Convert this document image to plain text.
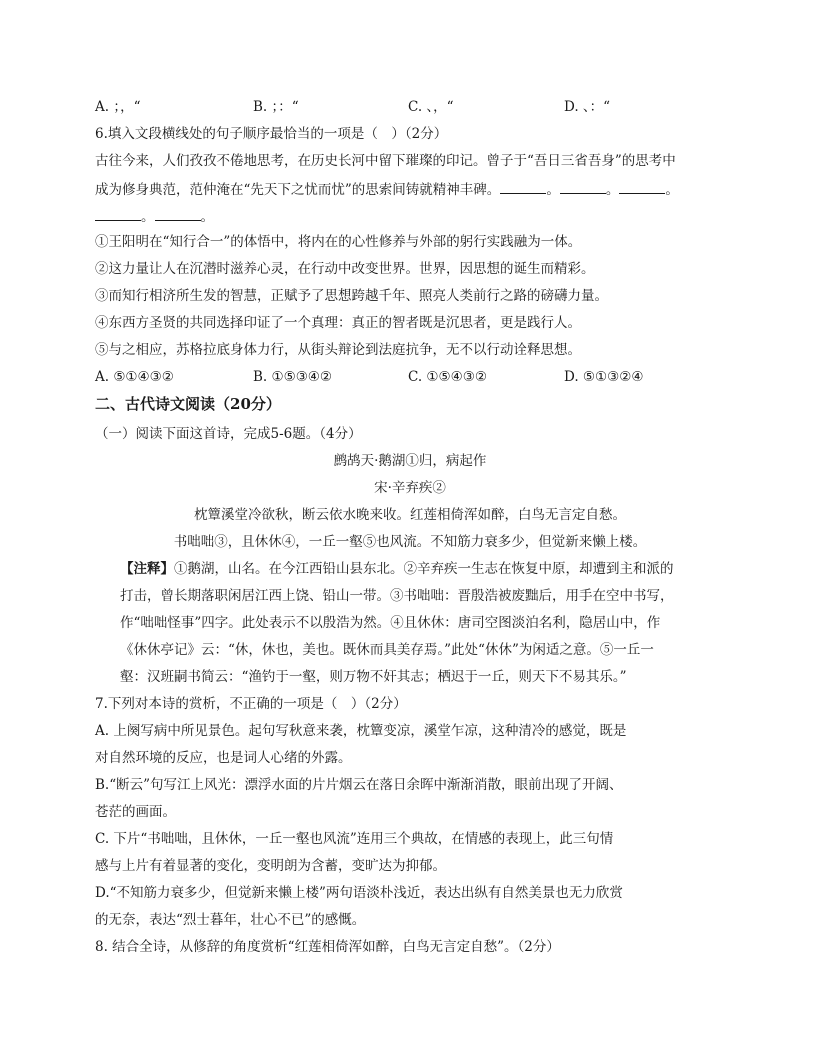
A. ；，“	B. ；：“	C. 、，“	D. 、：“
6.填入文段横线处的句子顺序最恰当的一项是（　）（2分）
古往今来，人们孜孜不倦地思考，在历史长河中留下璀璨的印记。曾子于“吾日三省吾身”的思考中
成为修身典范，范仲淹在“先天下之忧而忧”的思索间铸就精神丰碑。	。	。	。
。	。
①王阳明在“知行合一”的体悟中，将内在的心性修养与外部的躬行实践融为一体。
②这力量让人在沉潜时滋养心灵，在行动中改变世界。世界，因思想的诞生而精彩。
③而知行相济所生发的智慧，正赋予了思想跨越千年、照亮人类前行之路的磅礴力量。
④东西方圣贤的共同选择印证了一个真理：真正的智者既是沉思者，更是践行人。
⑤与之相应，苏格拉底身体力行，从街头辩论到法庭抗争，无不以行动诠释思想。
A. ⑤①④③②	B. ①⑤③④②	C. ①⑤④③②	D. ⑤①③②④
二、古代诗文阅读（20分）
（一）阅读下面这首诗，完成5-6题。（4分）
鹧鸪天·鹅湖①归，病起作
宋·辛弃疾②
枕簟溪堂冷欲秋，断云依水晚来收。红莲相倚浑如醉，白鸟无言定自愁。
书咄咄③，且休休④，一丘一壑⑤也风流。不知筋力衰多少，但觉新来懒上楼。
【注释】①鹅湖，山名。在今江西铅山县东北。②辛弃疾一生志在恢复中原，却遭到主和派的
打击，曾长期落职闲居江西上饶、铅山一带。③书咄咄：晋殷浩被废黜后，用手在空中书写，
作“咄咄怪事”四字。此处表示不以殷浩为然。④且休休：唐司空图淡泊名利，隐居山中，作
《休休亭记》云：“休，休也，美也。既休而具美存焉。”此处“休休”为闲适之意。⑤一丘一
壑：汉班嗣书简云：“渔钓于一壑，则万物不奸其志；栖迟于一丘，则天下不易其乐。”
7.下列对本诗的赏析，不正确的一项是（　）（2分）
A. 上阕写病中所见景色。起句写秋意来袭，枕簟变凉，溪堂乍凉，这种清冷的感觉，既是
对自然环境的反应，也是词人心绪的外露。
B.“断云”句写江上风光：漂浮水面的片片烟云在落日余晖中渐渐消散，眼前出现了开阔、
苍茫的画面。
C. 下片“书咄咄，且休休，一丘一壑也风流”连用三个典故，在情感的表现上，此三句情
感与上片有着显著的变化，变明朗为含蓄，变旷达为抑郁。
D.“不知筋力衰多少，但觉新来懒上楼”两句语淡朴浅近，表达出纵有自然美景也无力欣赏
的无奈，表达“烈士暮年，壮心不已”的感慨。
8. 结合全诗，从修辞的角度赏析“红莲相倚浑如醉，白鸟无言定自愁”。（2分）
